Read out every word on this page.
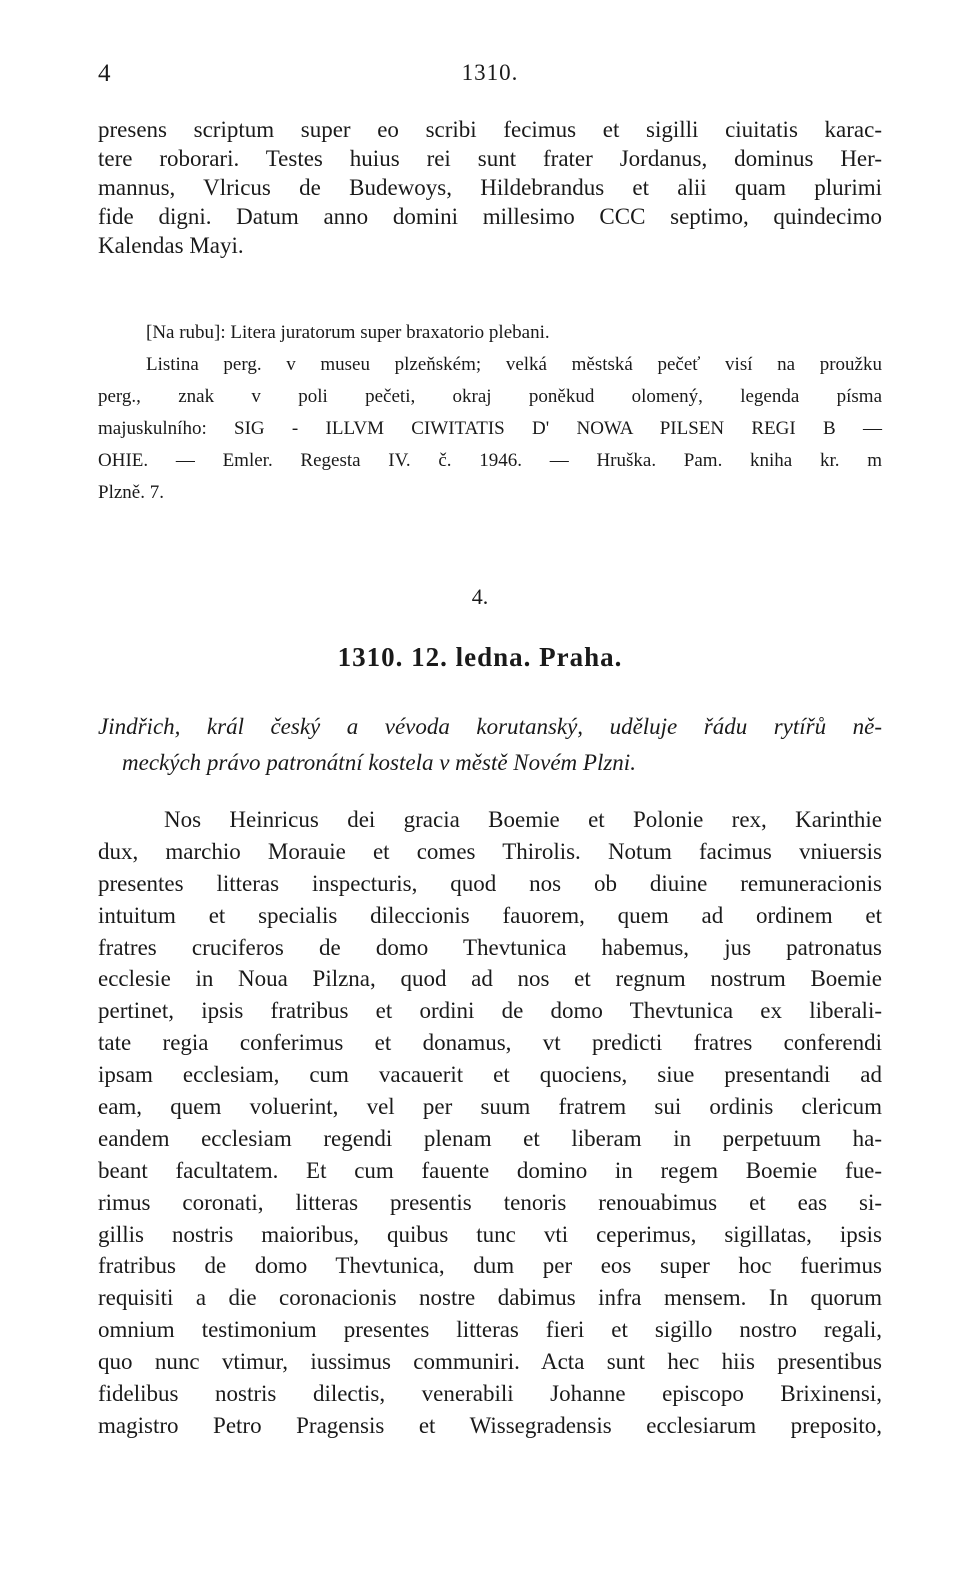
4	1310.
presens scriptum super eo scribi fecimus et sigilli ciuitatis karac-
tere roborari. Testes huius rei sunt frater Jordanus, dominus Her-
mannus, Vlricus de Budewoys, Hildebrandus et alii quam plurimi
fide digni. Datum anno domini millesimo CCC septimo, quindecimo
Kalendas Mayi.
[Na rubu]: Litera juratorum super braxatorio plebani.
Listina perg. v museu plzeňském; velká městská pečeť visí na proužku
perg., znak v poli pečeti, okraj poněkud olomený, legenda písma
majuskulního: SIG - ILLVM CIWITATIS D' NOWA PILSEN REGI B —
OHIE. — Emler. Regesta IV. č. 1946. — Hruška. Pam. kniha kr. m
Plzně. 7.
4.
1310. 12. ledna. Praha.
Jindřich, král český a vévoda korutanský, uděluje řádu rytířů ně-
meckých právo patronátní kostela v městě Novém Plzni.
Nos Heinricus dei gracia Boemie et Polonie rex, Karinthie
dux, marchio Morauie et comes Thirolis. Notum facimus vniuersis
presentes litteras inspecturis, quod nos ob diuine remuneracionis
intuitum et specialis dileccionis fauorem, quem ad ordinem et
fratres cruciferos de domo Thevtunica habemus, jus patronatus
ecclesie in Noua Pilzna, quod ad nos et regnum nostrum Boemie
pertinet, ipsis fratribus et ordini de domo Thevtunica ex liberali-
tate regia conferimus et donamus, vt predicti fratres conferendi
ipsam ecclesiam, cum vacauerit et quociens, siue presentandi ad
eam, quem voluerint, vel per suum fratrem sui ordinis clericum
eandem ecclesiam regendi plenam et liberam in perpetuum ha-
beant facultatem. Et cum fauente domino in regem Boemie fue-
rimus coronati, litteras presentis tenoris renouabimus et eas si-
gillis nostris maioribus, quibus tunc vti ceperimus, sigillatas, ipsis
fratribus de domo Thevtunica, dum per eos super hoc fuerimus
requisiti a die coronacionis nostre dabimus infra mensem. In quorum
omnium testimonium presentes litteras fieri et sigillo nostro regali,
quo nunc vtimur, iussimus communiri. Acta sunt hec hiis presentibus
fidelibus nostris dilectis, venerabili Johanne episcopo Brixinensi,
magistro Petro Pragensis et Wissegradensis ecclesiarum preposito,
